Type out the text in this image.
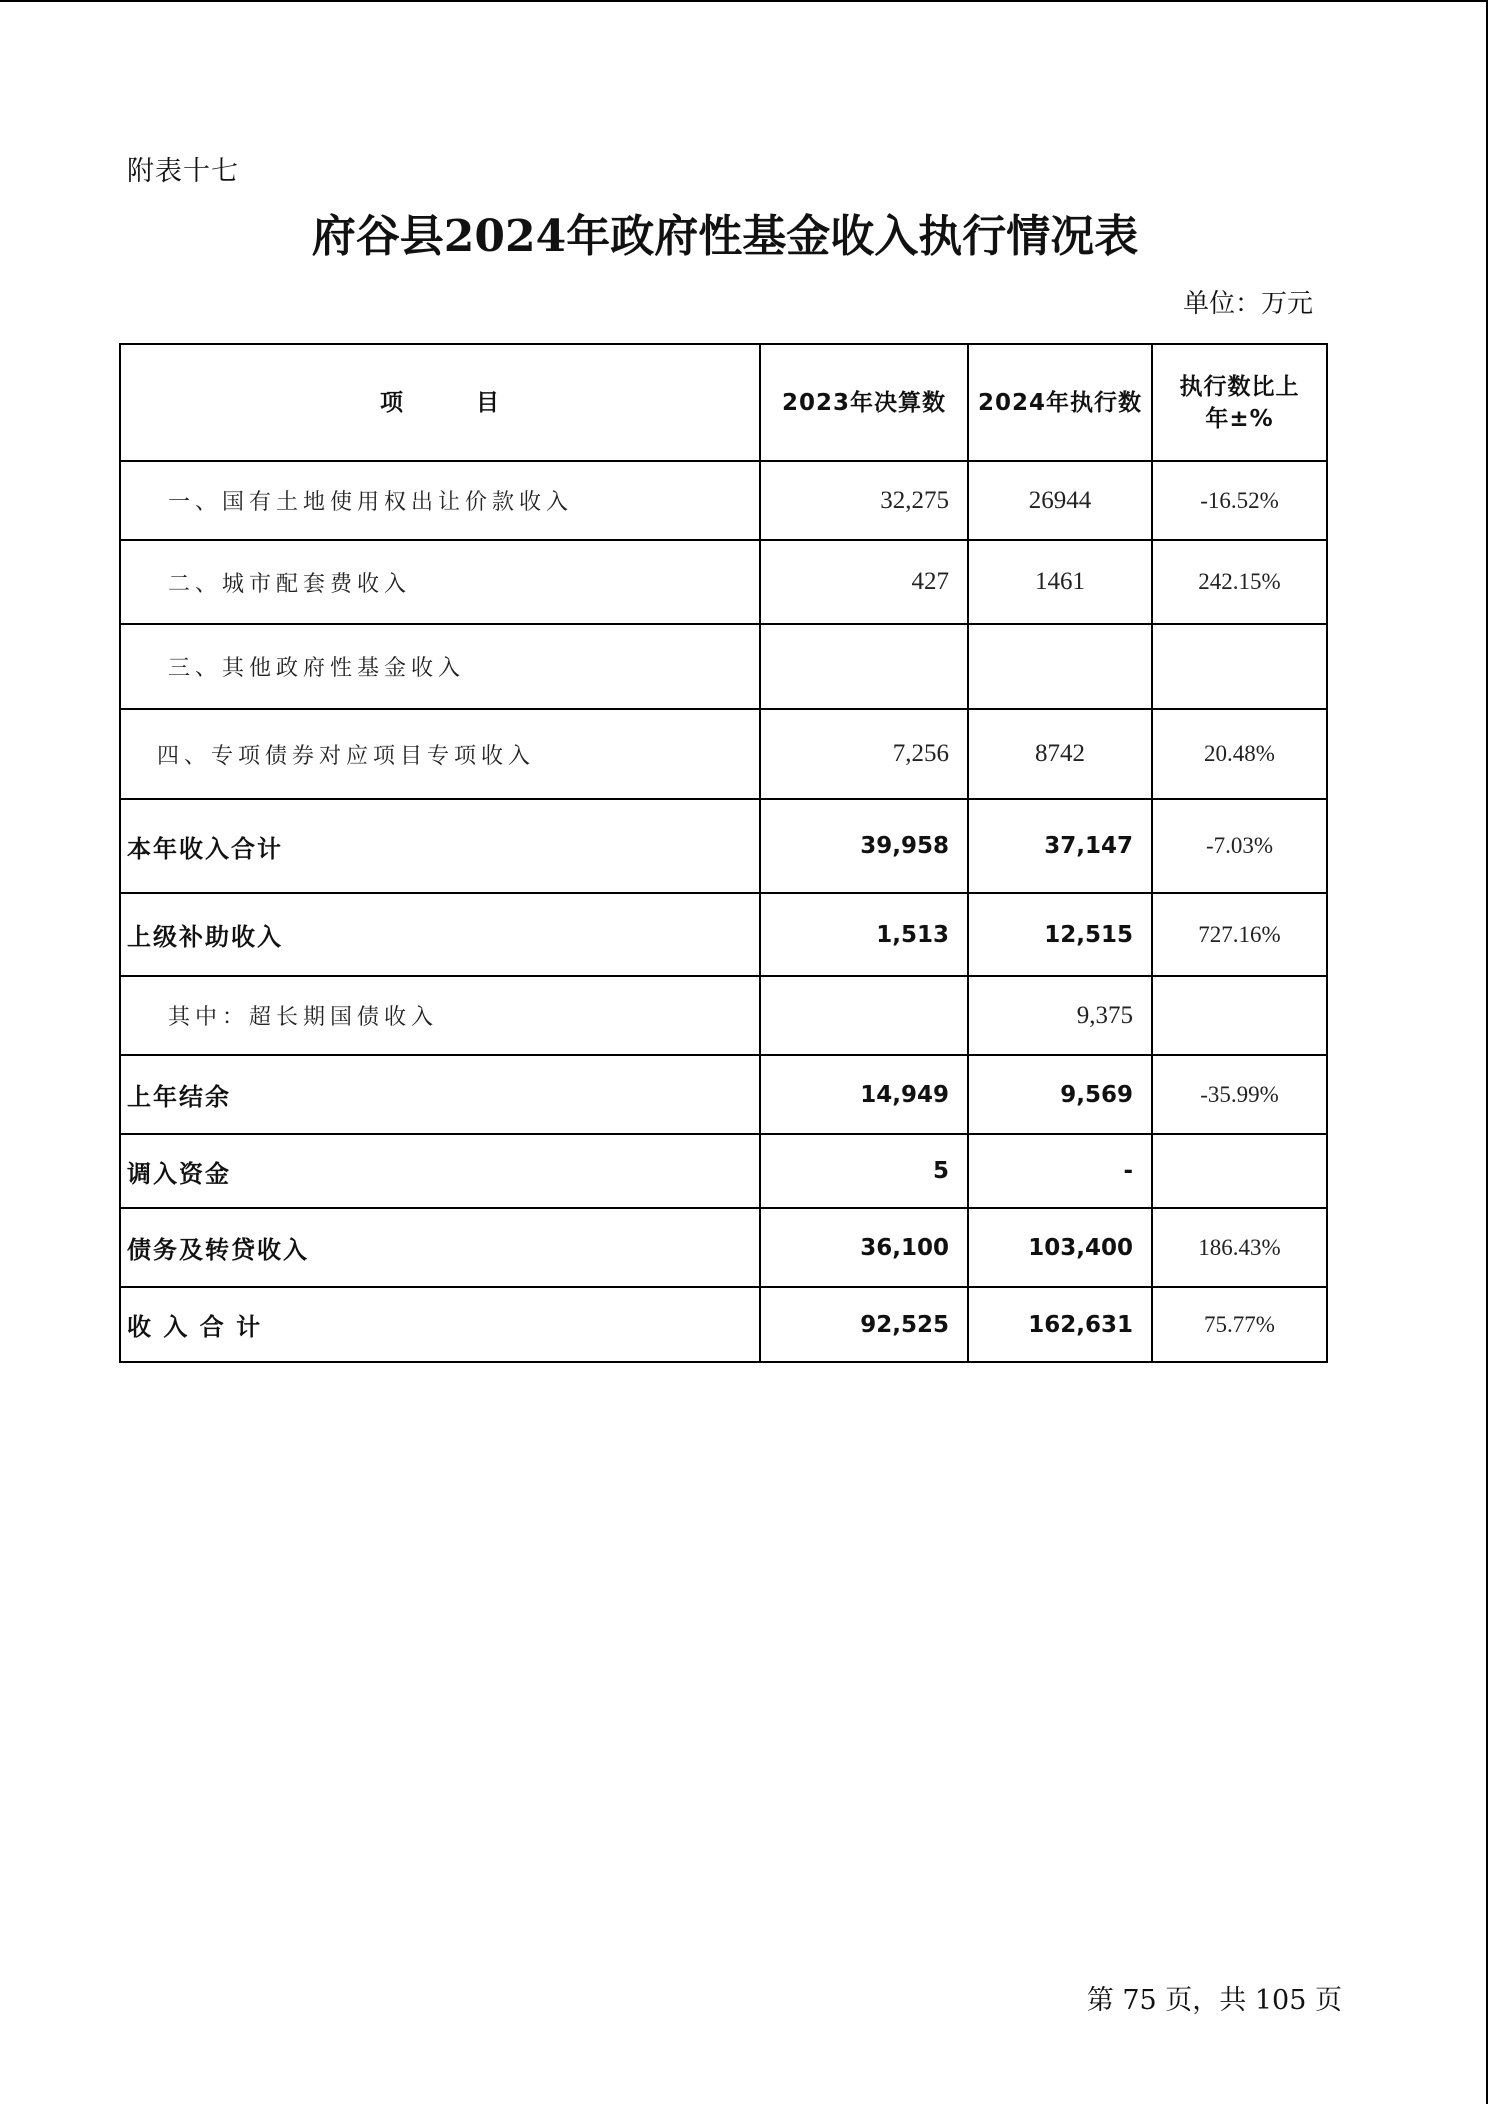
附表十七
府谷县2024年政府性基金收入执行情况表
单位：万元
项　　　目	2023年决算数	2024年执行数	执行数比上
年±%

一、国有土地使用权出让价款收入	32,275	26944	-16.52%
二、城市配套费收入	427	1461	242.15%
三、其他政府性基金收入			
四、专项债券对应项目专项收入	7,256	8742	20.48%
本年收入合计	39,958	37,147	-7.03%
上级补助收入	1,513	12,515	727.16%
其中：超长期国债收入		9,375	
上年结余	14,949	9,569	-35.99%
调入资金	5	-	
债务及转贷收入	36,100	103,400	186.43%
收 入 合 计	92,525	162,631	75.77%
第 75 页，共 105 页
